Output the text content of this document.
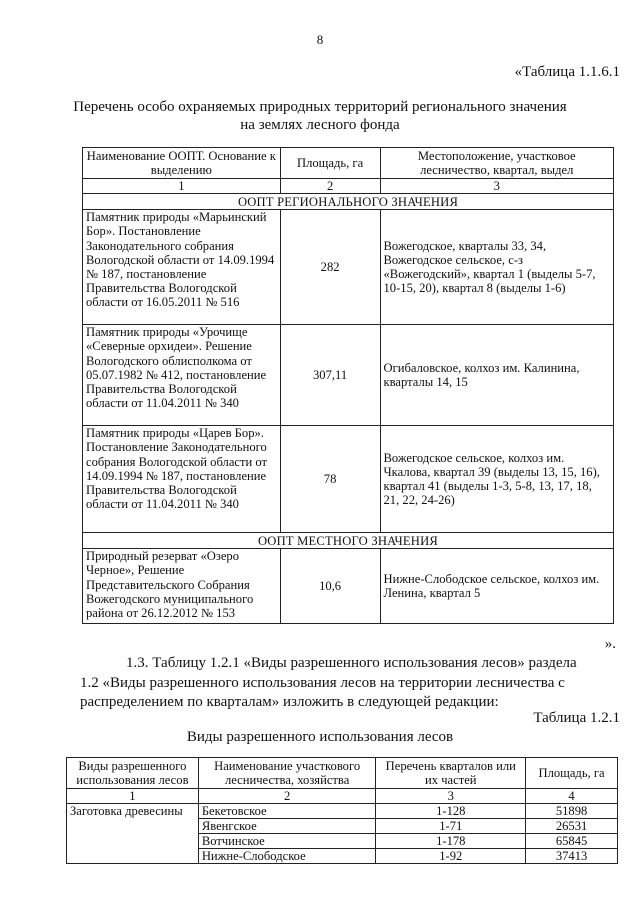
8
«Таблица 1.1.6.1
Перечень особо охраняемых природных территорий регионального значения
на землях лесного фонда
Наименование ООПТ. Основание к выделению	Площадь, га	Местоположение, участковое лесничество, квартал, выдел
1	2	3
ООПТ РЕГИОНАЛЬНОГО ЗНАЧЕНИЯ		
Памятник природы «Марьинский Бор». Постановление Законодательного собрания Вологодской области от 14.09.1994 № 187, постановление Правительства Вологодской области от 16.05.2011 № 516	282	Вожегодское, кварталы 33, 34, Вожегодское сельское, с-з «Вожегодский», квартал 1 (выделы 5-7, 10-15, 20), квартал 8 (выделы 1-6)
Памятник природы «Урочище «Северные орхидеи». Решение Вологодского облисполкома от 05.07.1982 № 412, постановление Правительства Вологодской области от 11.04.2011 № 340	307,11	Огибаловское, колхоз им. Калинина, кварталы 14, 15
Памятник природы «Царев Бор». Постановление Законодательного собрания Вологодской области от 14.09.1994 № 187, постановление Правительства Вологодской области от 11.04.2011 № 340	78	Вожегодское сельское, колхоз им. Чкалова, квартал 39 (выделы 13, 15, 16), квартал 41 (выделы 1-3, 5-8, 13, 17, 18, 21, 22, 24-26)
ООПТ МЕСТНОГО ЗНАЧЕНИЯ		
Природный резерват «Озеро Черное», Решение Представительского Собрания Вожегодского муниципального района от 26.12.2012 № 153	10,6	Нижне-Слободское сельское, колхоз им. Ленина, квартал 5
».
1.3. Таблицу 1.2.1 «Виды разрешенного использования лесов» раздела
1.2 «Виды разрешенного использования лесов на территории лесничества с
распределением по кварталам» изложить в следующей редакции:
Таблица 1.2.1
Виды разрешенного использования лесов
Виды разрешенного использования лесов	Наименование участкового лесничества, хозяйства	Перечень кварталов или их частей	Площадь, га
1	2	3	4
Заготовка древесины	Бекетовское	1-128	51898
	Явенгское	1-71	26531
	Вотчинское	1-178	65845
	Нижне-Слободское	1-92	37413
